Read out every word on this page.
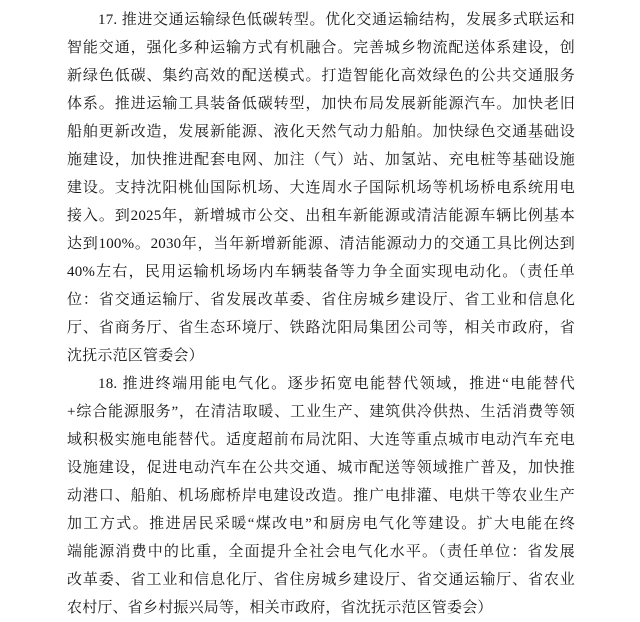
17. 推进交通运输绿色低碳转型。优化交通运输结构，发展多式联运和
智能交通，强化多种运输方式有机融合。完善城乡物流配送体系建设，创
新绿色低碳、集约高效的配送模式。打造智能化高效绿色的公共交通服务
体系。推进运输工具装备低碳转型，加快布局发展新能源汽车。加快老旧
船舶更新改造，发展新能源、液化天然气动力船舶。加快绿色交通基础设
施建设，加快推进配套电网、加注（气）站、加氢站、充电桩等基础设施
建设。支持沈阳桃仙国际机场、大连周水子国际机场等机场桥电系统用电
接入。到2025年，新增城市公交、出租车新能源或清洁能源车辆比例基本
达到100%。2030年，当年新增新能源、清洁能源动力的交通工具比例达到
40%左右，民用运输机场场内车辆装备等力争全面实现电动化。（责任单
位：省交通运输厅、省发展改革委、省住房城乡建设厅、省工业和信息化
厅、省商务厅、省生态环境厅、铁路沈阳局集团公司等，相关市政府，省
沈抚示范区管委会）
18. 推进终端用能电气化。逐步拓宽电能替代领域，推进“电能替代
+综合能源服务”，在清洁取暖、工业生产、建筑供冷供热、生活消费等领
域积极实施电能替代。适度超前布局沈阳、大连等重点城市电动汽车充电
设施建设，促进电动汽车在公共交通、城市配送等领域推广普及，加快推
动港口、船舶、机场廊桥岸电建设改造。推广电排灌、电烘干等农业生产
加工方式。推进居民采暖“煤改电”和厨房电气化等建设。扩大电能在终
端能源消费中的比重，全面提升全社会电气化水平。（责任单位：省发展
改革委、省工业和信息化厅、省住房城乡建设厅、省交通运输厅、省农业
农村厅、省乡村振兴局等，相关市政府，省沈抚示范区管委会）
